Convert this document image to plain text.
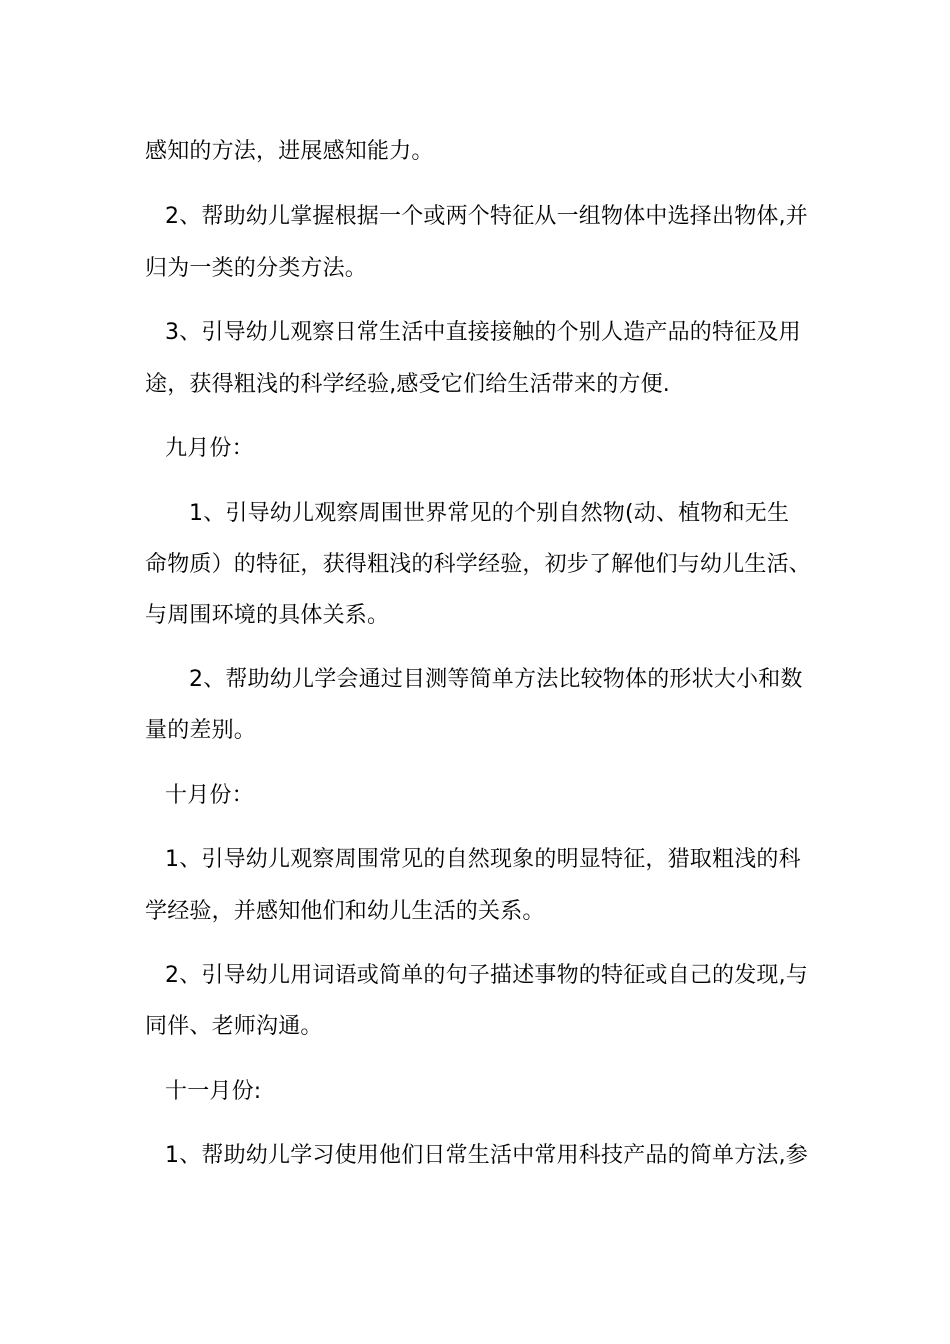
感知的方法，进展感知能力。
2、帮助幼儿掌握根据一个或两个特征从一组物体中选择出物体,并
归为一类的分类方法。
3、引导幼儿观察日常生活中直接接触的个别人造产品的特征及用
途，获得粗浅的科学经验,感受它们给生活带来的方便.
九月份：
1、引导幼儿观察周围世界常见的个别自然物(动、植物和无生
命物质）的特征，获得粗浅的科学经验，初步了解他们与幼儿生活、
与周围环境的具体关系。
2、帮助幼儿学会通过目测等简单方法比较物体的形状大小和数
量的差别。
十月份：
1、引导幼儿观察周围常见的自然现象的明显特征，猎取粗浅的科
学经验，并感知他们和幼儿生活的关系。
2、引导幼儿用词语或简单的句子描述事物的特征或自己的发现,与
同伴、老师沟通。
十一月份:
1、帮助幼儿学习使用他们日常生活中常用科技产品的简单方法,参
